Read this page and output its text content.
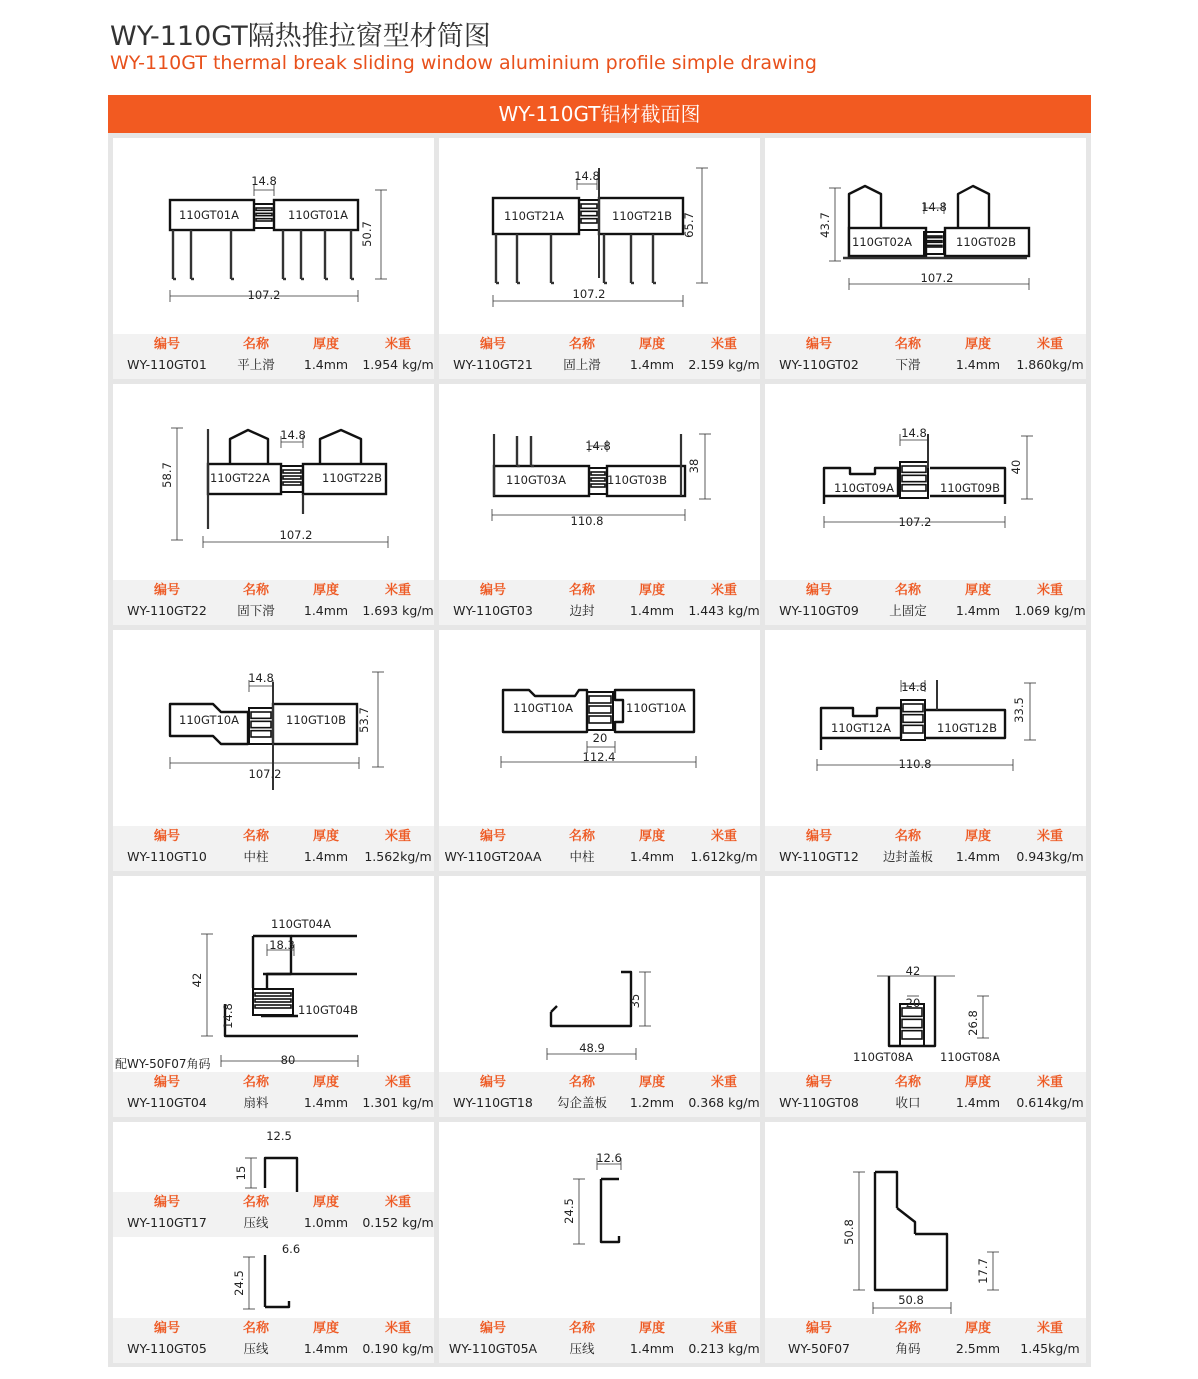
WY-110GT隔热推拉窗型材简图
WY-110GT thermal break sliding window aluminium profile simple drawing
WY-110GT铝材截面图
110GT01A	110GT01A
14.8
50.7
107.2
编号
WY-110GT01
名称
平上滑
厚度
1.4mm
米重
1.954 kg/m
110GT21A	110GT21B
14.8
65.7
107.2
编号
WY-110GT21
名称
固上滑
厚度
1.4mm
米重
2.159 kg/m
110GT02A	110GT02B
14.8
43.7
107.2
编号
WY-110GT02
名称
下滑
厚度
1.4mm
米重
1.860kg/m
110GT22A	110GT22B
14.8
58.7
107.2
编号
WY-110GT22
名称
固下滑
厚度
1.4mm
米重
1.693 kg/m
110GT03A	110GT03B
14.8
38
110.8
编号
WY-110GT03
名称
边封
厚度
1.4mm
米重
1.443 kg/m
110GT09A	110GT09B
14.8
40
107.2
编号
WY-110GT09
名称
上固定
厚度
1.4mm
米重
1.069 kg/m
110GT10A	110GT10B
14.8
53.7
107.2
编号
WY-110GT10
名称
中柱
厚度
1.4mm
米重
1.562kg/m
110GT10A	110GT10A
20
112.4
编号
WY-110GT20AA
名称
中柱
厚度
1.4mm
米重
1.612kg/m
110GT12A	110GT12B
14.8
33.5
110.8
编号
WY-110GT12
名称
边封盖板
厚度
1.4mm
米重
0.943kg/m
110GT04A
110GT04B
18.3
42
14.8
80
编号
WY-110GT04
名称
扇料
厚度
1.4mm
米重
1.301 kg/m
配WY-50F07角码
35
48.9
编号
WY-110GT18
名称
勾企盖板
厚度
1.2mm
米重
0.368 kg/m
42
20
26.8
110GT08A 110GT08A
编号
WY-110GT08
名称
收口
厚度
1.4mm
米重
0.614kg/m
12.5
15
编号
WY-110GT17
名称
压线
厚度
1.0mm
米重
0.152 kg/m
6.6
24.5
编号
WY-110GT05
名称
压线
厚度
1.4mm
米重
0.190 kg/m
12.6
24.5
编号
WY-110GT05A
名称
压线
厚度
1.4mm
米重
0.213 kg/m
50.8
50.8
17.7
编号
WY-50F07
名称
角码
厚度
2.5mm
米重
1.45kg/m
